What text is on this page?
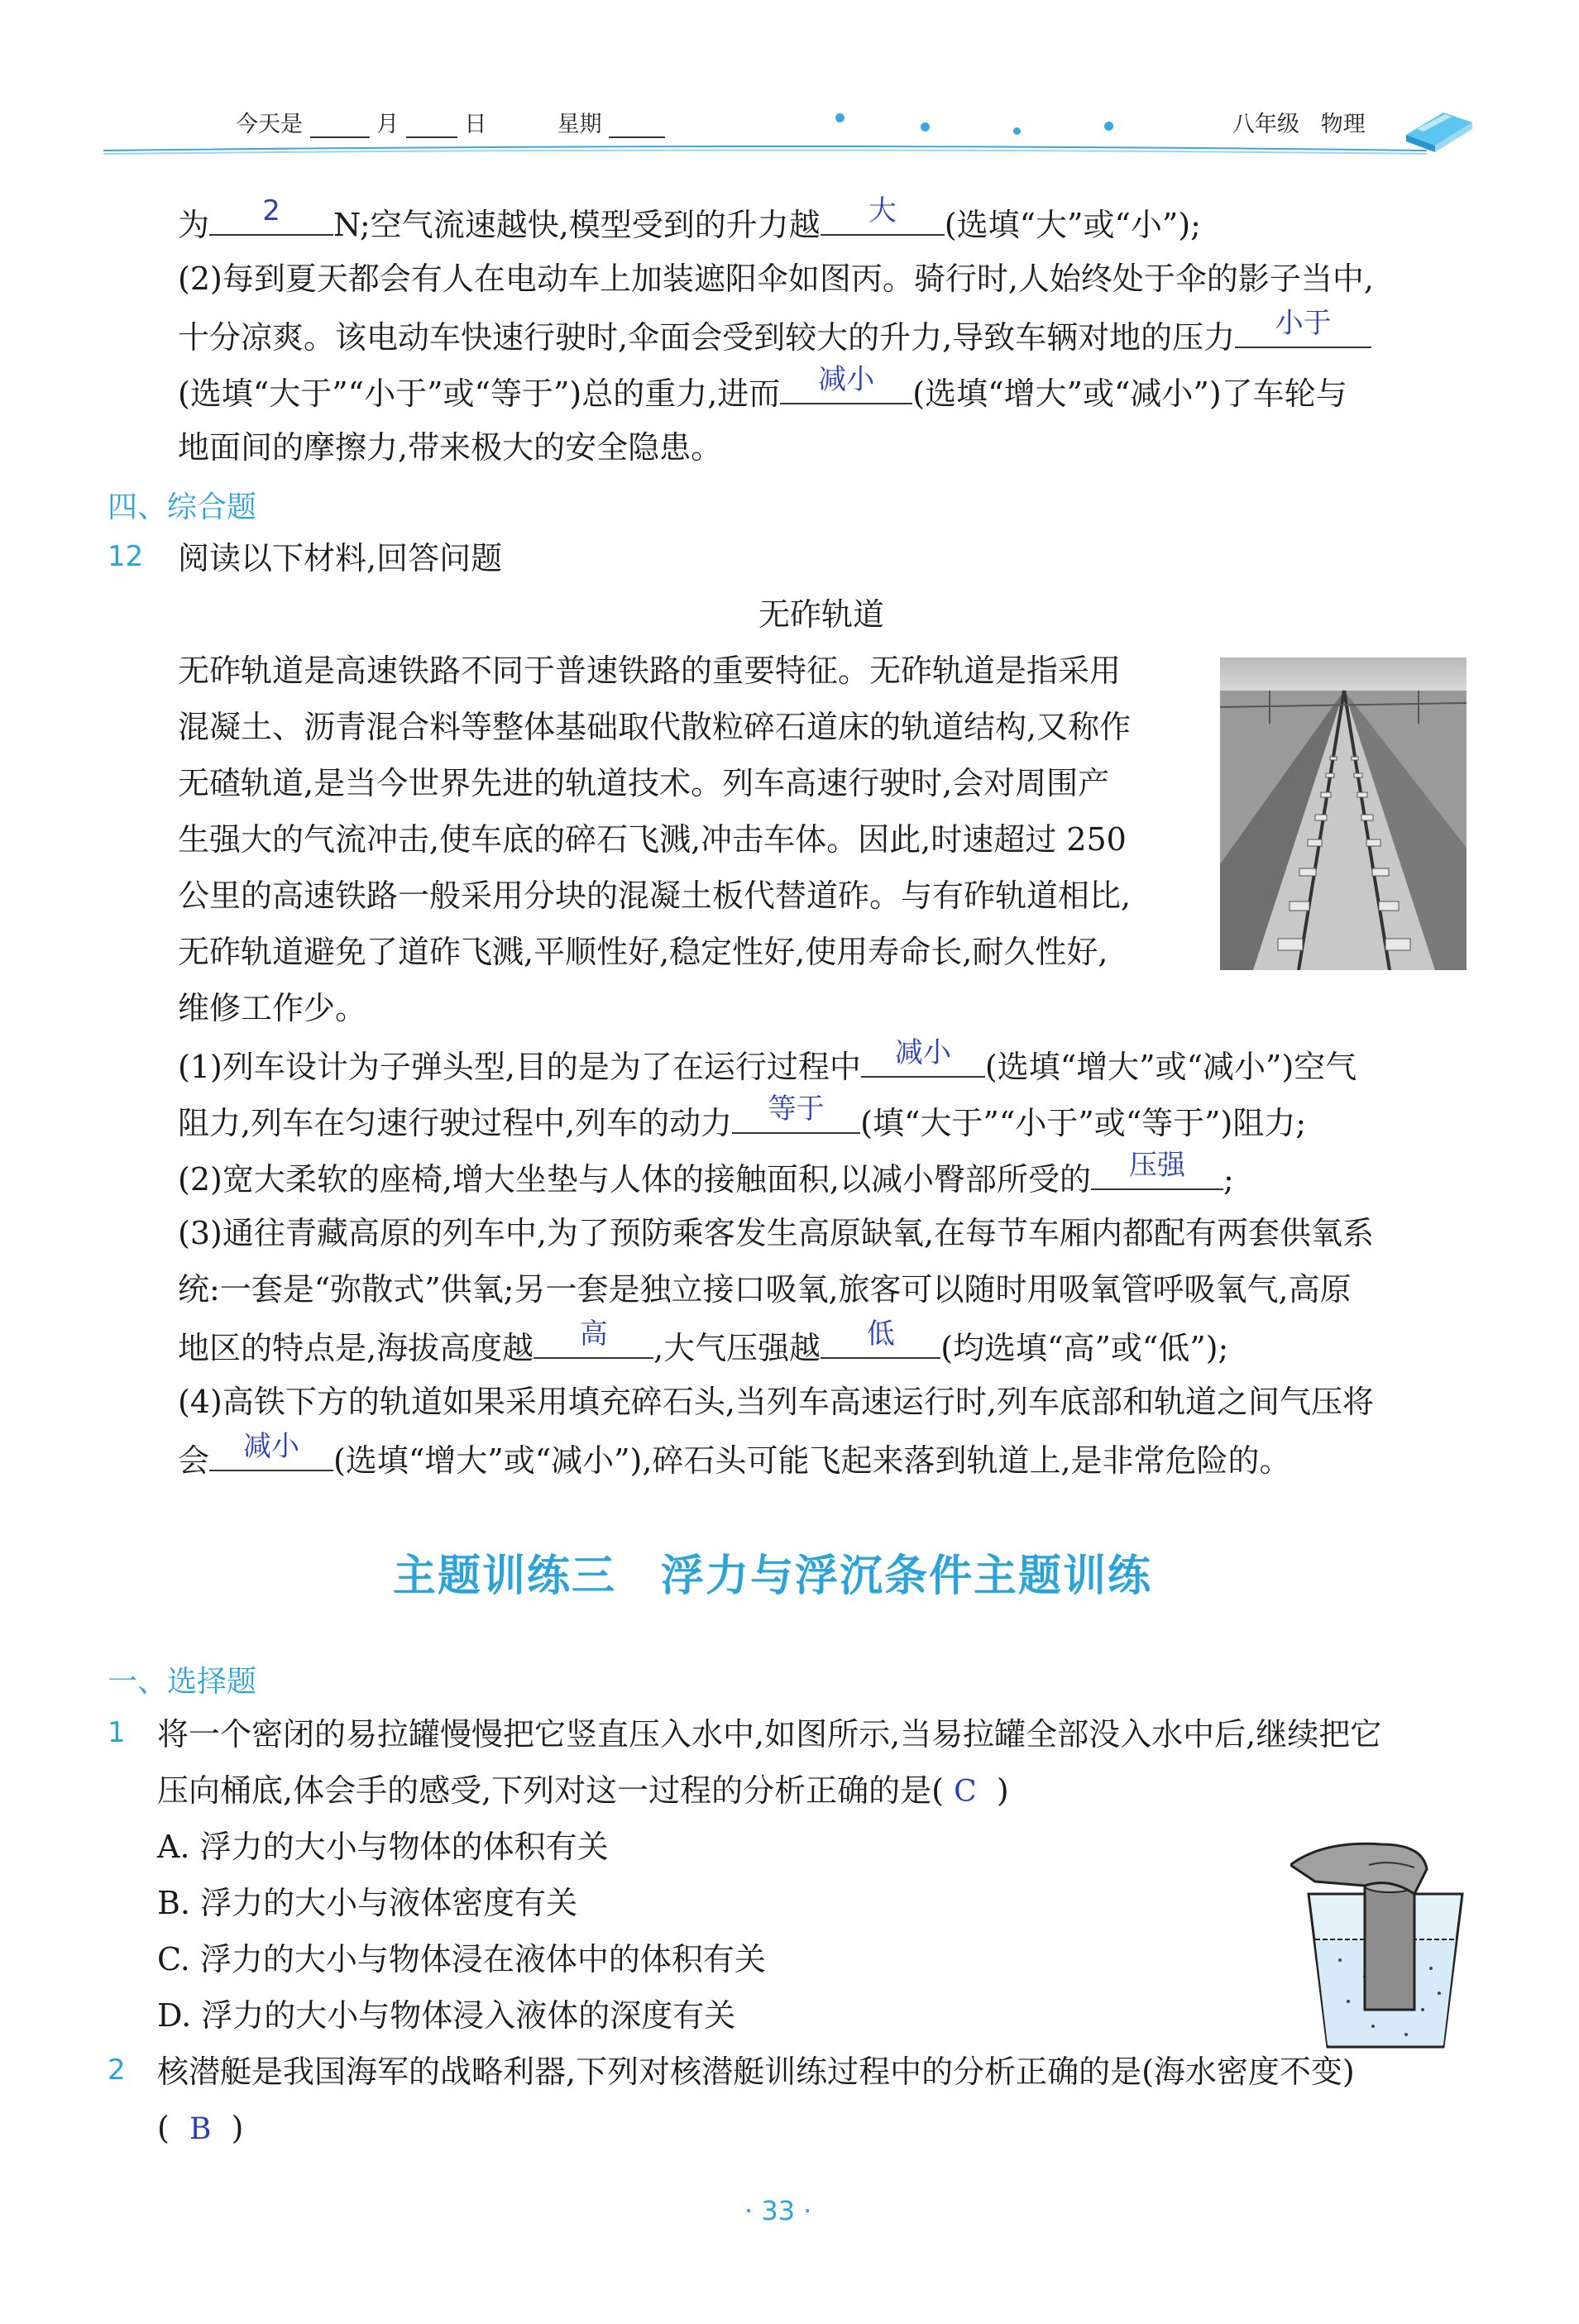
今天是	月	日	星期	八年级 物理
为	2	N;空气流速越快,模型受到的升力越	大	(选填“大”或“小”);
(2)每到夏天都会有人在电动车上加装遮阳伞如图丙。骑行时,人始终处于伞的影子当中,
十分凉爽。该电动车快速行驶时,伞面会受到较大的升力,导致车辆对地的压力	小于
(选填“大于”“小于”或“等于”)总的重力,进而	减小	(选填“增大”或“减小”)了车轮与
地面间的摩擦力,带来极大的安全隐患。
四、综合题
12 阅读以下材料,回答问题
无砟轨道
无砟轨道是高速铁路不同于普速铁路的重要特征。无砟轨道是指采用
混凝土、沥青混合料等整体基础取代散粒碎石道床的轨道结构,又称作
无碴轨道,是当今世界先进的轨道技术。列车高速行驶时,会对周围产
生强大的气流冲击,使车底的碎石飞溅,冲击车体。因此,时速超过 250
公里的高速铁路一般采用分块的混凝土板代替道砟。与有砟轨道相比,
无砟轨道避免了道砟飞溅,平顺性好,稳定性好,使用寿命长,耐久性好,
维修工作少。
(1)列车设计为子弹头型,目的是为了在运行过程中	减小	(选填“增大”或“减小”)空气
阻力,列车在匀速行驶过程中,列车的动力	等于	(填“大于”“小于”或“等于”)阻力;
(2)宽大柔软的座椅,增大坐垫与人体的接触面积,以减小臀部所受的	压强	;
(3)通往青藏高原的列车中,为了预防乘客发生高原缺氧,在每节车厢内都配有两套供氧系
统:一套是“弥散式”供氧;另一套是独立接口吸氧,旅客可以随时用吸氧管呼吸氧气,高原
地区的特点是,海拔高度越	高	,大气压强越	低	(均选填“高”或“低”);
(4)高铁下方的轨道如果采用填充碎石头,当列车高速运行时,列车底部和轨道之间气压将
会	减小	(选填“增大”或“减小”),碎石头可能飞起来落到轨道上,是非常危险的。
主题训练三　浮力与浮沉条件主题训练
一、选择题
1 将一个密闭的易拉罐慢慢把它竖直压入水中,如图所示,当易拉罐全部没入水中后,继续把它
压向桶底,体会手的感受,下列对这一过程的分析正确的是( C )
A. 浮力的大小与物体的体积有关
B. 浮力的大小与液体密度有关
C. 浮力的大小与物体浸在液体中的体积有关
D. 浮力的大小与物体浸入液体的深度有关
2 核潜艇是我国海军的战略利器,下列对核潜艇训练过程中的分析正确的是(海水密度不变)
( B )
· 33 ·
